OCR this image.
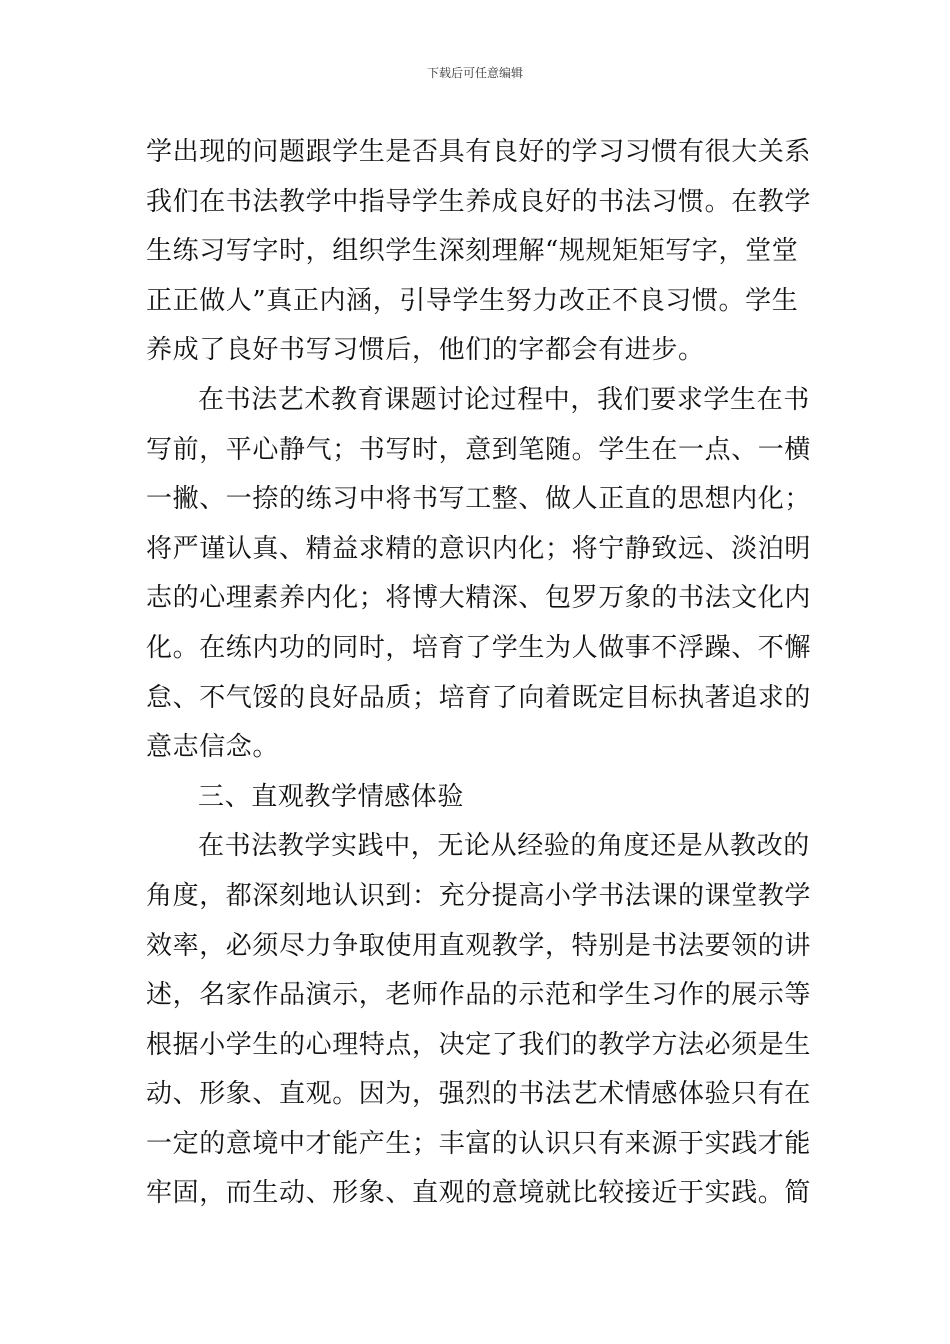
下载后可任意编辑
学出现的问题跟学生是否具有良好的学习习惯有很大关系
我们在书法教学中指导学生养成良好的书法习惯。在教学
生练习写字时，组织学生深刻理解“规规矩矩写字，堂堂
正正做人”真正内涵，引导学生努力改正不良习惯。学生
养成了良好书写习惯后，他们的字都会有进步。
在书法艺术教育课题讨论过程中，我们要求学生在书
写前，平心静气；书写时，意到笔随。学生在一点、一横
一撇、一捺的练习中将书写工整、做人正直的思想内化；
将严谨认真、精益求精的意识内化；将宁静致远、淡泊明
志的心理素养内化；将博大精深、包罗万象的书法文化内
化。在练内功的同时，培育了学生为人做事不浮躁、不懈
怠、不气馁的良好品质；培育了向着既定目标执著追求的
意志信念。
三、直观教学情感体验
在书法教学实践中，无论从经验的角度还是从教改的
角度，都深刻地认识到：充分提高小学书法课的课堂教学
效率，必须尽力争取使用直观教学，特别是书法要领的讲
述，名家作品演示，老师作品的示范和学生习作的展示等
根据小学生的心理特点，决定了我们的教学方法必须是生
动、形象、直观。因为，强烈的书法艺术情感体验只有在
一定的意境中才能产生；丰富的认识只有来源于实践才能
牢固，而生动、形象、直观的意境就比较接近于实践。简
